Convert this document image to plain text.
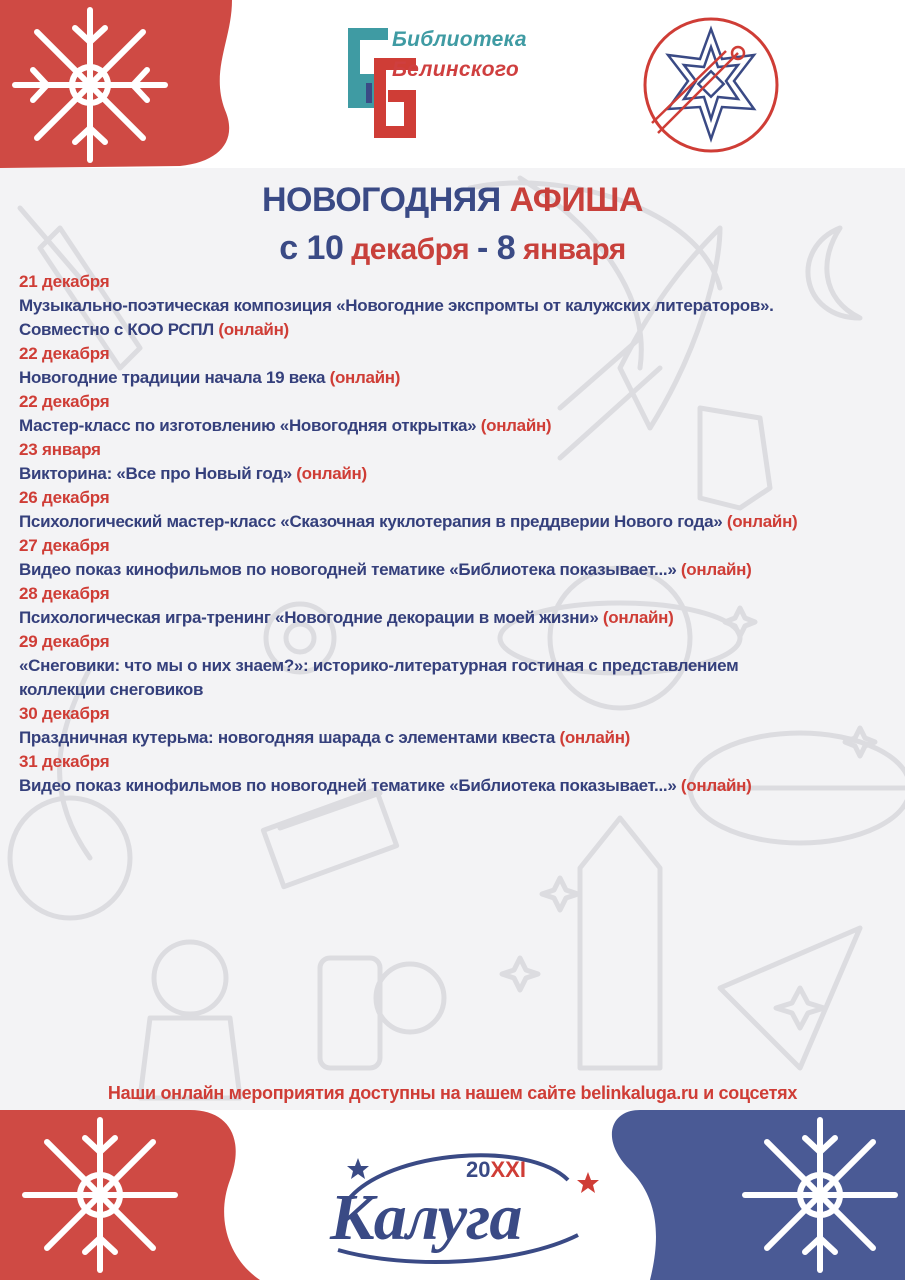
Библиотека
Белинского
НОВОГОДНЯЯ АФИША
с 10 декабря - 8 января
21 декабря
Музыкально-поэтическая композиция «Новогодние экспромты от калужских литераторов». Совместно с КОО РСПЛ (онлайн)
22 декабря
Новогодние традиции начала 19 века (онлайн)
22 декабря
Мастер-класс по изготовлению «Новогодняя открытка» (онлайн)
23 января
Викторина: «Все про Новый год» (онлайн)
26 декабря
Психологический мастер-класс «Сказочная куклотерапия в преддверии Нового года» (онлайн)
27 декабря
Видео показ кинофильмов по новогодней тематике «Библиотека показывает...» (онлайн)
28 декабря
Психологическая игра-тренинг «Новогодние декорации в моей жизни» (онлайн)
29 декабря
«Снеговики: что мы о них знаем?»: историко-литературная гостиная с представлением коллекции снеговиков
30 декабря
Праздничная кутерьма: новогодняя шарада с элементами квеста (онлайн)
31 декабря
Видео показ кинофильмов по новогодней тематике «Библиотека показывает...» (онлайн)
Наши онлайн мероприятия доступны на нашем сайте belinkaluga.ru и соцсетях
20XXI
Калуга
